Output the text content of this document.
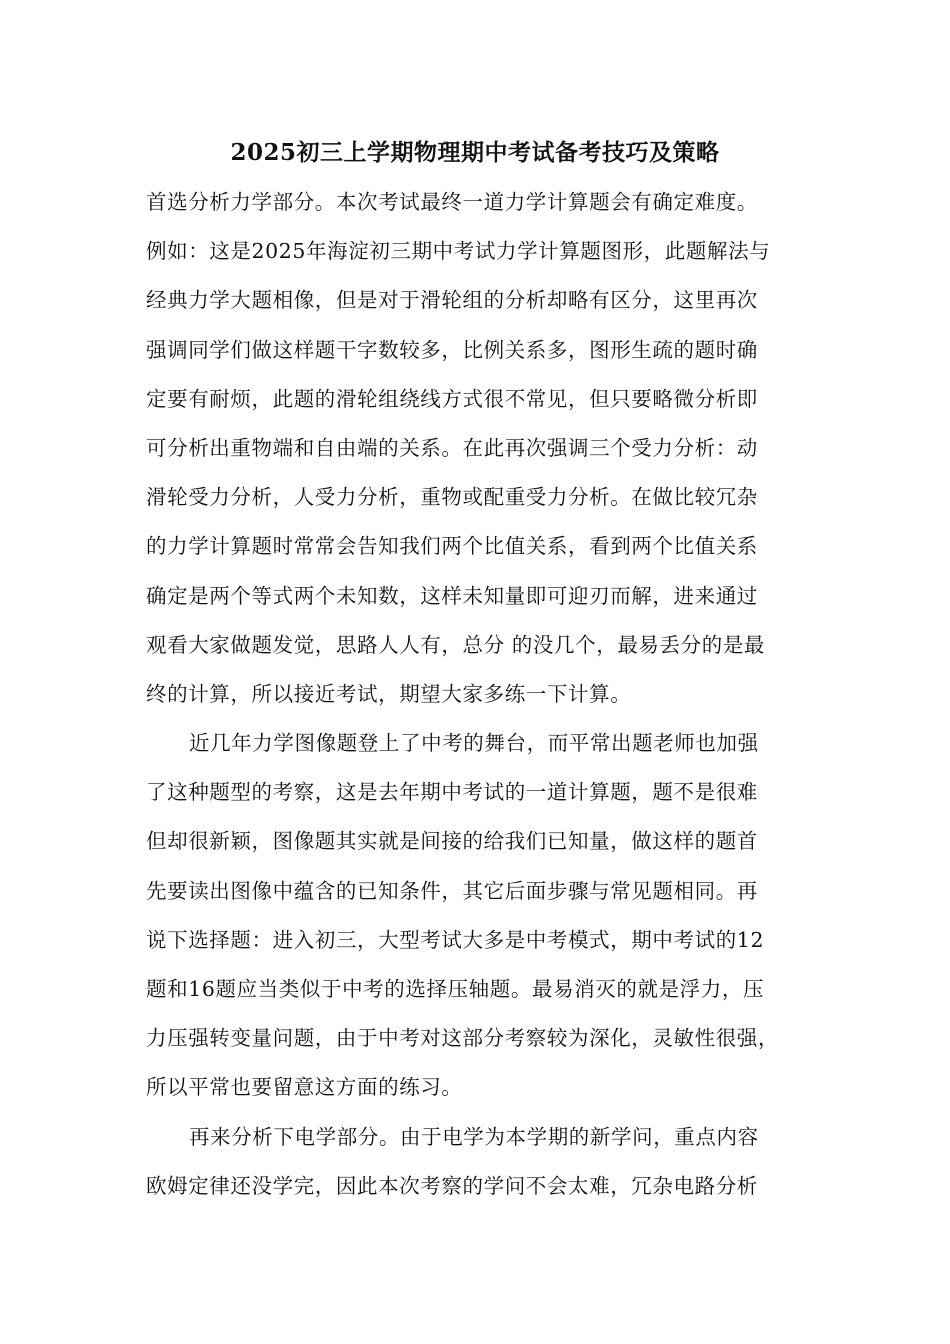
2025初三上学期物理期中考试备考技巧及策略
首选分析力学部分。本次考试最终一道力学计算题会有确定难度。
例如：这是2025年海淀初三期中考试力学计算题图形，此题解法与
经典力学大题相像，但是对于滑轮组的分析却略有区分，这里再次
强调同学们做这样题干字数较多，比例关系多，图形生疏的题时确
定要有耐烦，此题的滑轮组绕线方式很不常见，但只要略微分析即
可分析出重物端和自由端的关系。在此再次强调三个受力分析：动
滑轮受力分析，人受力分析，重物或配重受力分析。在做比较冗杂
的力学计算题时常常会告知我们两个比值关系，看到两个比值关系
确定是两个等式两个未知数，这样未知量即可迎刃而解，进来通过
观看大家做题发觉，思路人人有，总分 的没几个，最易丢分的是最
终的计算，所以接近考试，期望大家多练一下计算。
近几年力学图像题登上了中考的舞台，而平常出题老师也加强
了这种题型的考察，这是去年期中考试的一道计算题，题不是很难
但却很新颖，图像题其实就是间接的给我们已知量，做这样的题首
先要读出图像中蕴含的已知条件，其它后面步骤与常见题相同。再
说下选择题：进入初三，大型考试大多是中考模式，期中考试的12
题和16题应当类似于中考的选择压轴题。最易消灭的就是浮力，压
力压强转变量问题，由于中考对这部分考察较为深化，灵敏性很强，
所以平常也要留意这方面的练习。
再来分析下电学部分。由于电学为本学期的新学问，重点内容
欧姆定律还没学完，因此本次考察的学问不会太难，冗杂电路分析
